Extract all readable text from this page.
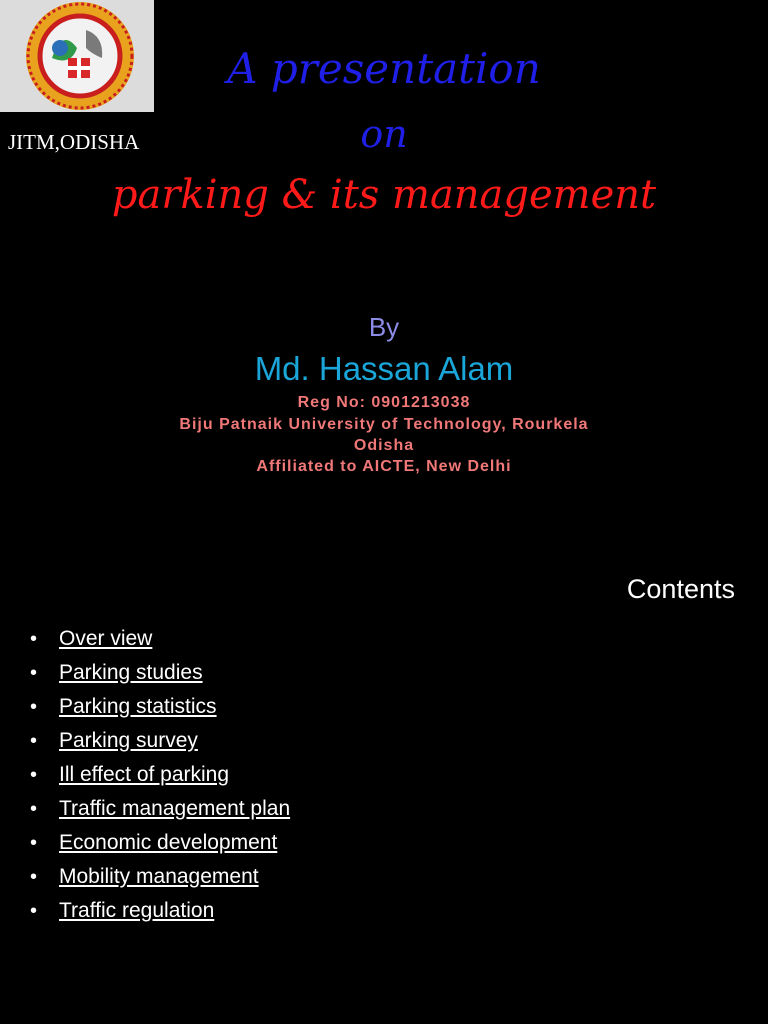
JITM,ODISHA
A presentation
on
parking & its management
By
Md. Hassan Alam
Reg No: 0901213038
Biju Patnaik University of Technology, Rourkela
Odisha
Affiliated to AICTE, New Delhi
Contents
•	Over view
•	Parking studies
•	Parking statistics
•	Parking survey
•	Ill effect of parking
•	Traffic management plan
•	Economic development
•	Mobility management
•	Traffic regulation
